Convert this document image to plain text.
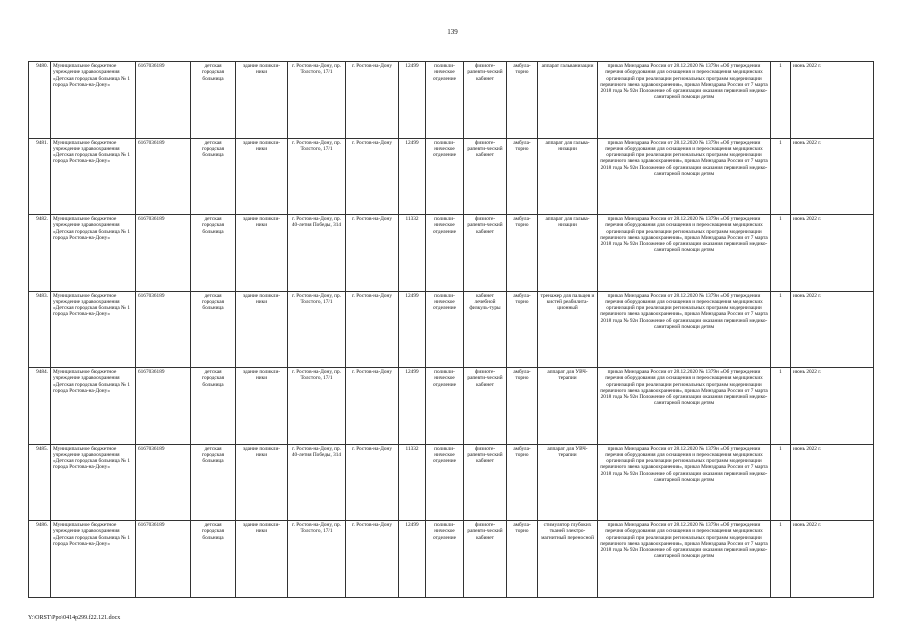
139
9480.	Муниципальное бюджетное учреждение здравоохранения «Детская городская больница № 1 города Ростова-на-Дону»	6167036189	детская городская больница	здание поликли-ники	г. Ростов-на-Дону, пр. Толстого, 17/1	г. Ростов-на-Дону	12499	поликли-ническое отделение	физиоте-рапевти-ческий кабинет	амбула-торно	аппарат гальванизации	приказ Минздрава России от 28.12.2020 № 1379н «Об утверждении перечня оборудования для оснащения и переоснащения медицинских организаций при реализации региональных программ модернизации первичного звена здравоохранения», приказ Минздрава России от 7 марта 2018 года № 92н Положение об организации оказания первичной медико-санитарной помощи детям	1	июнь 2022 г.
9481.	Муниципальное бюджетное учреждение здравоохранения «Детская городская больница № 1 города Ростова-на-Дону»	6167036189	детская городская больница	здание поликли-ники	г. Ростов-на-Дону, пр. Толстого, 17/1	г. Ростов-на-Дону	12499	поликли-ническое отделение	физиоте-рапевти-ческий кабинет	амбула-торно	аппарат для гальва-низации	приказ Минздрава России от 28.12.2020 № 1379н «Об утверждении перечня оборудования для оснащения и переоснащения медицинских организаций при реализации региональных программ модернизации первичного звена здравоохранения», приказ Минздрава России от 7 марта 2018 года № 92н Положение об организации оказания первичной медико-санитарной помощи детям	1	июнь 2022 г.
9482.	Муниципальное бюджетное учреждение здравоохранения «Детская городская больница № 1 города Ростова-на-Дону»	6167036189	детская городская больница	здание поликли-ники	г. Ростов-на-Дону, пр. 40-летия Победы, 314	г. Ростов-на-Дону	11332	поликли-ническое отделение	физиоте-рапевти-ческий кабинет	амбула-торно	аппарат для гальва-низации	приказ Минздрава России от 28.12.2020 № 1379н «Об утверждении перечня оборудования для оснащения и переоснащения медицинских организаций при реализации региональных программ модернизации первичного звена здравоохранения», приказ Минздрава России от 7 марта 2018 года № 92н Положение об организации оказания первичной медико-санитарной помощи детям	1	июнь 2022 г.
9483.	Муниципальное бюджетное учреждение здравоохранения «Детская городская больница № 1 города Ростова-на-Дону»	6167036189	детская городская больница	здание поликли-ники	г. Ростов-на-Дону, пр. Толстого, 17/1	г. Ростов-на-Дону	12499	поликли-ническое отделение	кабинет лечебной физкуль-туры	амбула-торно	тренажер для пальцев и кистей реабилита-ционный	приказ Минздрава России от 28.12.2020 № 1379н «Об утверждении перечня оборудования для оснащения и переоснащения медицинских организаций при реализации региональных программ модернизации первичного звена здравоохранения», приказ Минздрава России от 7 марта 2018 года № 92н Положение об организации оказания первичной медико-санитарной помощи детям	1	июнь 2022 г.
9484.	Муниципальное бюджетное учреждение здравоохранения «Детская городская больница № 1 города Ростова-на-Дону»	6167036189	детская городская больница	здание поликли-ники	г. Ростов-на-Дону, пр. Толстого, 17/1	г. Ростов-на-Дону	12499	поликли-ническое отделение	физиоте-рапевти-ческий кабинет	амбула-торно	аппарат для УВЧ-терапии	приказ Минздрава России от 28.12.2020 № 1379н «Об утверждении перечня оборудования для оснащения и переоснащения медицинских организаций при реализации региональных программ модернизации первичного звена здравоохранения», приказ Минздрава России от 7 марта 2018 года № 92н Положение об организации оказания первичной медико-санитарной помощи детям	1	июнь 2022 г.
9485.	Муниципальное бюджетное учреждение здравоохранения «Детская городская больница № 1 города Ростова-на-Дону»	6167036189	детская городская больница	здание поликли-ники	г. Ростов-на-Дону, пр. 40-летия Победы, 314	г. Ростов-на-Дону	11332	поликли-ническое отделение	физиоте-рапевти-ческий кабинет	амбула-торно	аппарат для УВЧ-терапии	приказ Минздрава России от 28.12.2020 № 1379н «Об утверждении перечня оборудования для оснащения и переоснащения медицинских организаций при реализации региональных программ модернизации первичного звена здравоохранения», приказ Минздрава России от 7 марта 2018 года № 92н Положение об организации оказания первичной медико-санитарной помощи детям	1	июнь 2022 г.
9486.	Муниципальное бюджетное учреждение здравоохранения «Детская городская больница № 1 города Ростова-на-Дону»	6167036189	детская городская больница	здание поликли-ники	г. Ростов-на-Дону, пр. Толстого, 17/1	г. Ростов-на-Дону	12499	поликли-ническое отделение	физиоте-рапевти-ческий кабинет	амбула-торно	стимулятор глубоких тканей электро-магнитный переносной	приказ Минздрава России от 28.12.2020 № 1379н «Об утверждении перечня оборудования для оснащения и переоснащения медицинских организаций при реализации региональных программ модернизации первичного звена здравоохранения», приказ Минздрава России от 7 марта 2018 года № 92н Положение об организации оказания первичной медико-санитарной помощи детям	1	июнь 2022 г.
Y:\ORST\Ppo\0414p299.f22.121.docx
